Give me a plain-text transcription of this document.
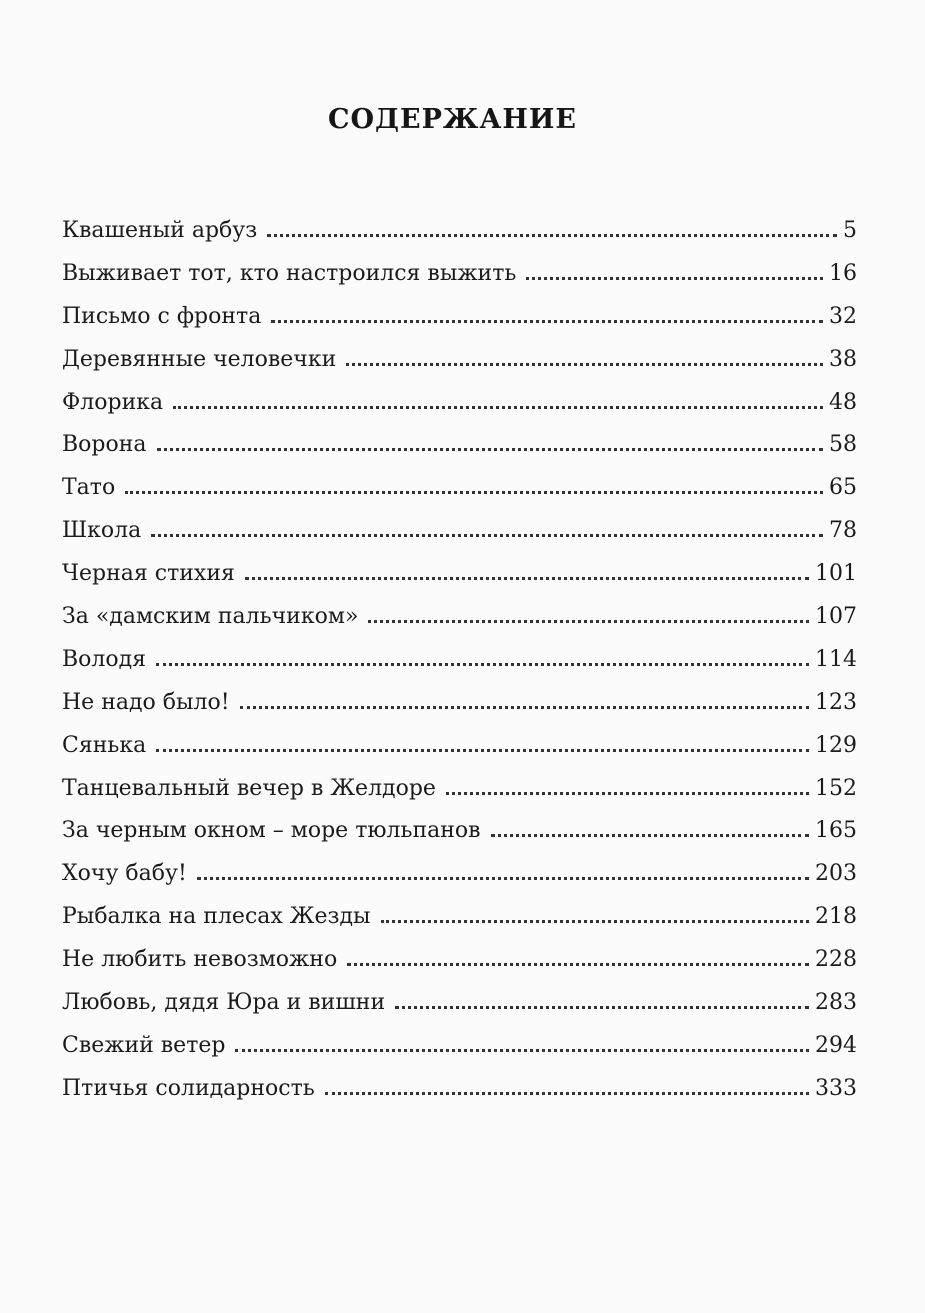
СОДЕРЖАНИЕ
Квашеный арбуз	5
Выживает тот, кто настроился выжить	16
Письмо с фронта	32
Деревянные человечки	38
Флорика	48
Ворона	58
Тато	65
Школа	78
Черная стихия	101
За «дамским пальчиком»	107
Володя	114
Не надо было!	123
Сянька	129
Танцевальный вечер в Желдоре	152
За черным окном – море тюльпанов	165
Хочу бабу!	203
Рыбалка на плесах Жезды	218
Не любить невозможно	228
Любовь, дядя Юра и вишни	283
Свежий ветер	294
Птичья солидарность	333
